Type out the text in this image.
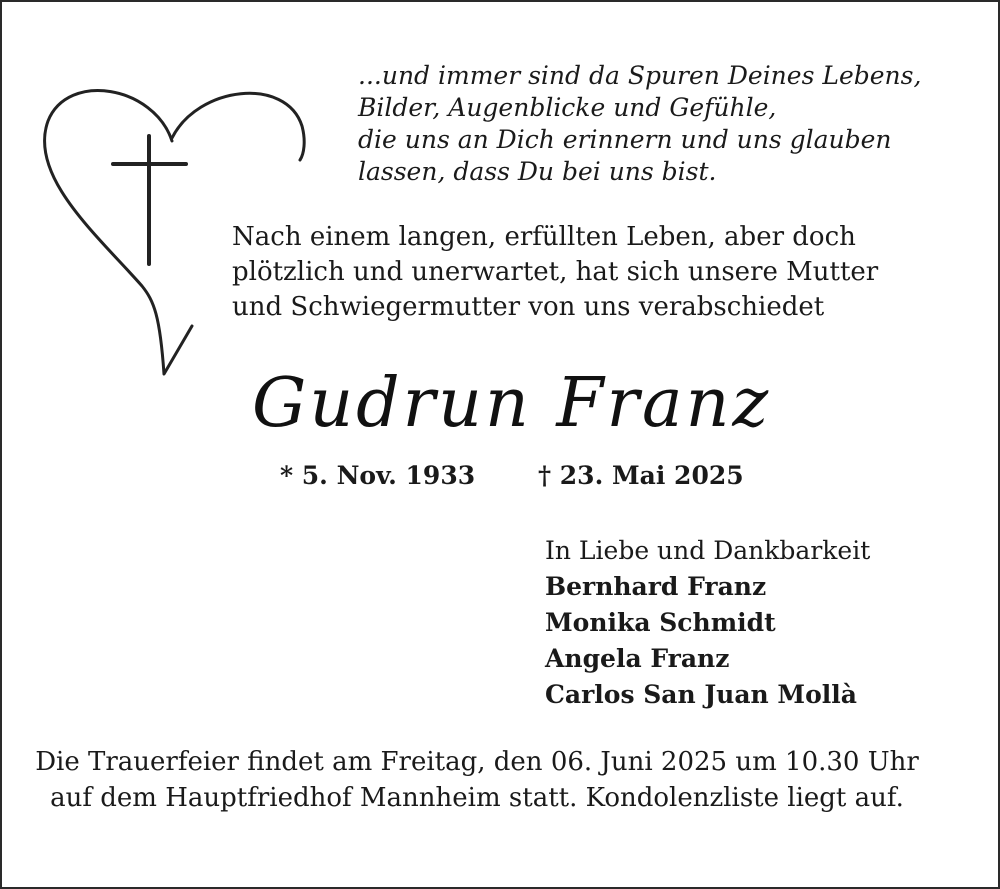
...und immer sind da Spuren Deines Lebens,
Bilder, Augenblicke und Gefühle,
die uns an Dich erinnern und uns glauben
lassen, dass Du bei uns bist.
Nach einem langen, erfüllten Leben, aber doch
plötzlich und unerwartet, hat sich unsere Mutter
und Schwiegermutter von uns verabschiedet
Gudrun Franz
* 5. Nov. 1933	† 23. Mai 2025
In Liebe und Dankbarkeit
Bernhard Franz
Monika Schmidt
Angela Franz
Carlos San Juan Mollà
Die Trauerfeier findet am Freitag, den 06. Juni 2025 um 10.30 Uhr
auf dem Hauptfriedhof Mannheim statt. Kondolenzliste liegt auf.
